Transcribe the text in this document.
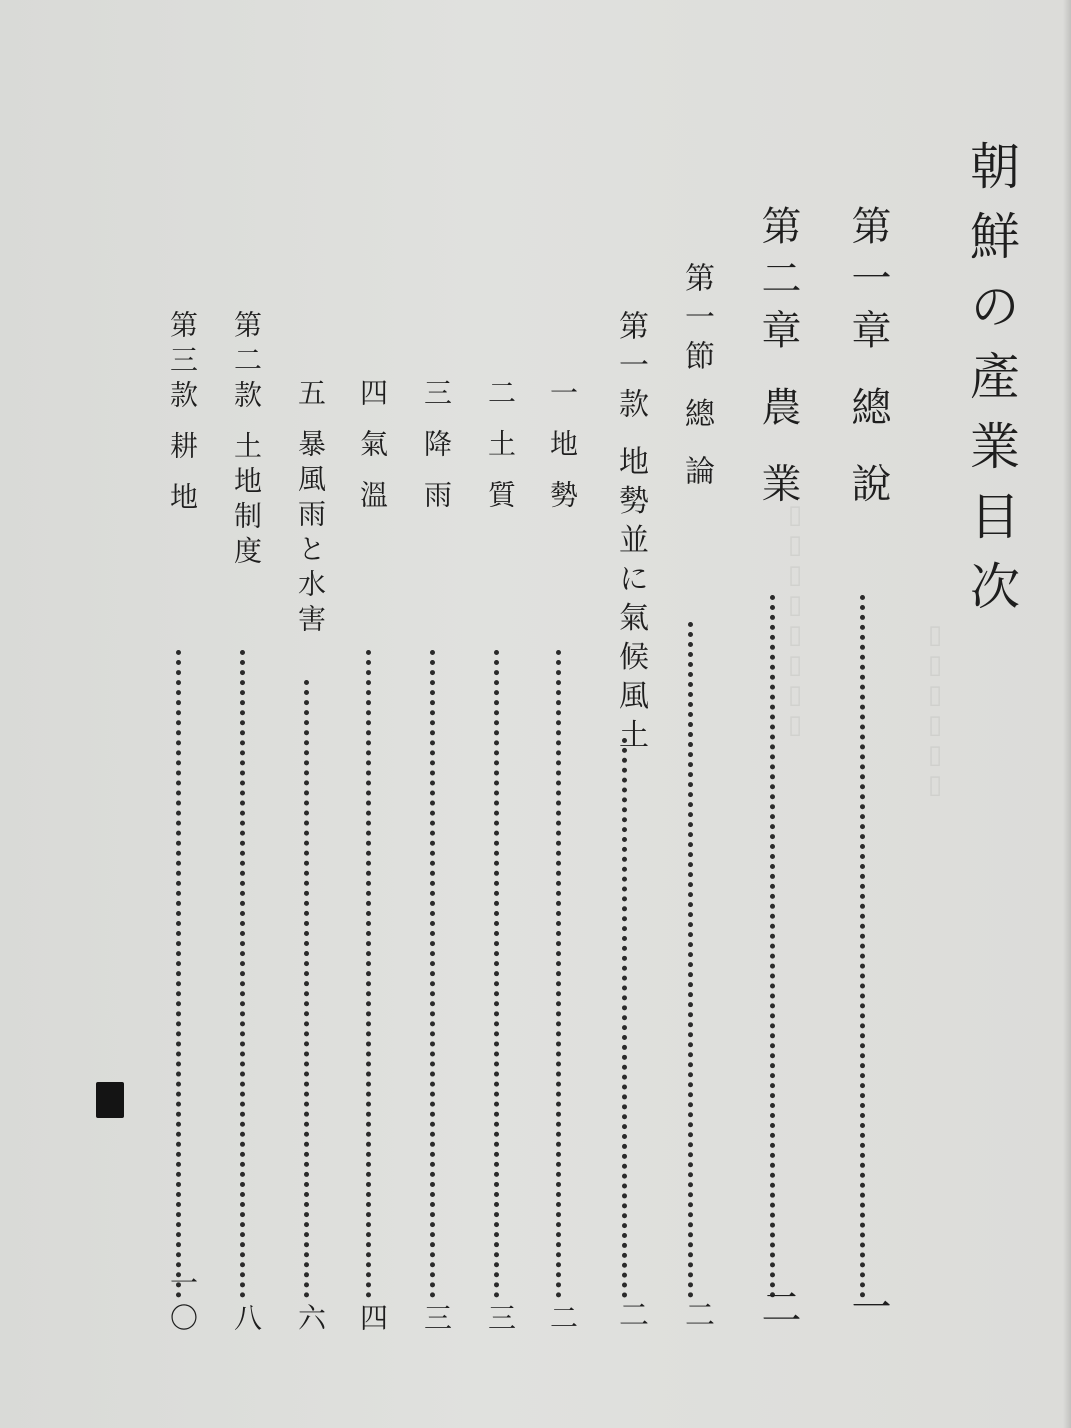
▯▯▯▯▯▯
▯▯▯▯▯▯▯▯	朝鮮の產業目次
第一章 總 說
一
第二章 農 業
二
第一節 總 論
二
第一款 地勢並に氣候風土
二
一 地 勢
二
二 土 質
三
三 降 雨
三
四 氣 溫
四
五 暴風雨と水害
六
第二款 土地制度
八
第三款 耕 地
一〇
